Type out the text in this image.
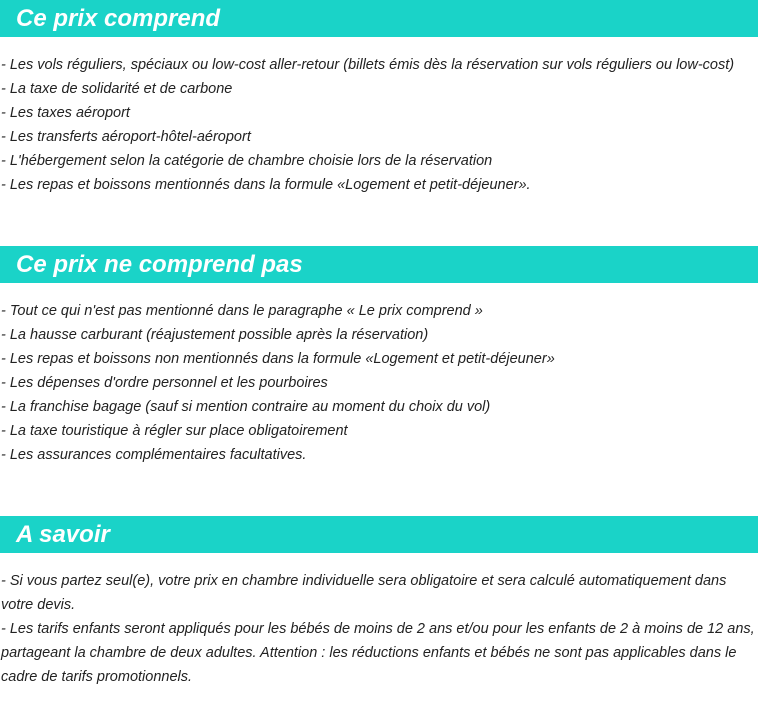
Ce prix comprend
- Les vols réguliers, spéciaux ou low-cost aller-retour (billets émis dès la réservation sur vols réguliers ou low-cost)
- La taxe de solidarité et de carbone
- Les taxes aéroport
- Les transferts aéroport-hôtel-aéroport
- L'hébergement selon la catégorie de chambre choisie lors de la réservation
- Les repas et boissons mentionnés dans la formule «Logement et petit-déjeuner».
Ce prix ne comprend pas
- Tout ce qui n'est pas mentionné dans le paragraphe « Le prix comprend »
- La hausse carburant (réajustement possible après la réservation)
- Les repas et boissons non mentionnés dans la formule «Logement et petit-déjeuner»
- Les dépenses d'ordre personnel et les pourboires
- La franchise bagage (sauf si mention contraire au moment du choix du vol)
- La taxe touristique à régler sur place obligatoirement
- Les assurances complémentaires facultatives.
A savoir

- Si vous partez seul(e), votre prix en chambre individuelle sera obligatoire et sera calculé automatiquement dans votre devis.

- Les tarifs enfants seront appliqués pour les bébés de moins de 2 ans et/ou pour les enfants de 2 à moins de 12 ans, partageant la chambre de deux adultes. Attention : les réductions enfants et bébés ne sont pas applicables dans le cadre de tarifs promotionnels.
